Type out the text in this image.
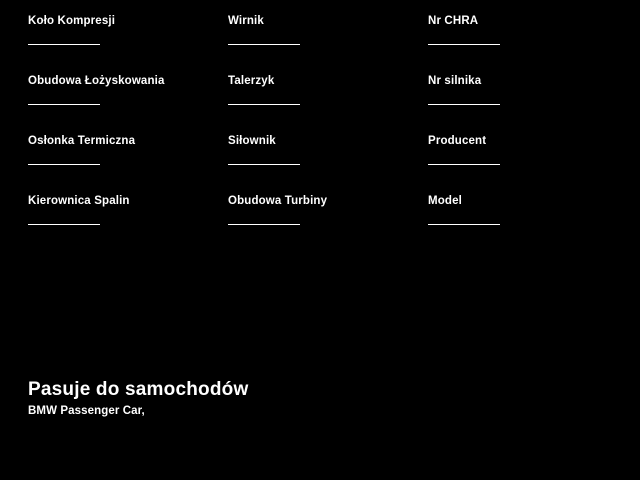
Koło Kompresji	Wirnik	Nr CHRA
Obudowa Łożyskowania	Talerzyk	Nr silnika
Osłonka Termiczna	Siłownik	Producent
Kierownica Spalin	Obudowa Turbiny	Model
Pasuje do samochodów
BMW Passenger Car,
